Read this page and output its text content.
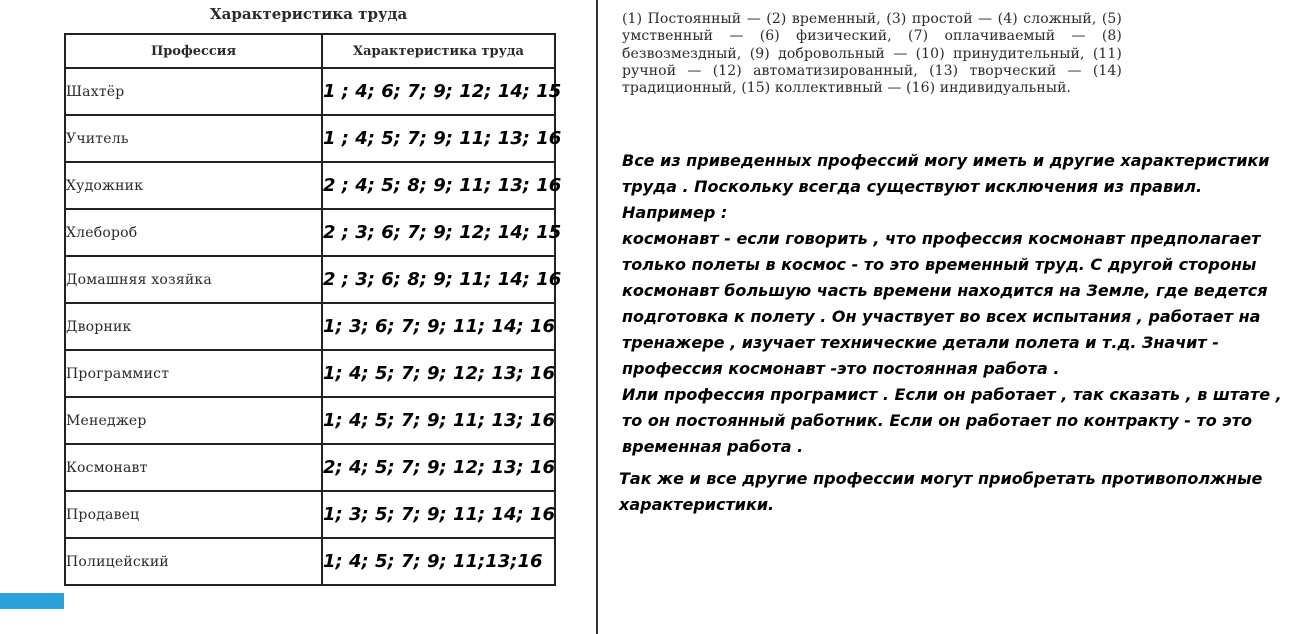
Характеристика труда
Профессия	Характеристика труда
Шахтёр	1 ; 4; 6; 7; 9; 12; 14; 15
Учитель	1 ; 4; 5; 7; 9; 11; 13; 16
Художник	2 ; 4; 5; 8; 9; 11; 13; 16
Хлебороб	2 ; 3; 6; 7; 9; 12; 14; 15
Домашняя хозяйка	2 ; 3; 6; 8; 9; 11; 14; 16
Дворник	1; 3; 6; 7; 9; 11; 14; 16
Программист	1; 4; 5; 7; 9; 12; 13; 16
Менеджер	1; 4; 5; 7; 9; 11; 13; 16
Космонавт	2; 4; 5; 7; 9; 12; 13; 16
Продавец	1; 3; 5; 7; 9; 11; 14; 16
Полицейский	1; 4; 5; 7; 9; 11;13;16
(1) Постоянный — (2) временный, (3) простой — (4) сложный, (5) умственный — (6) физический, (7) оплачиваемый — (8) безвозмездный, (9) добровольный — (10) принудительный, (11) ручной — (12) автоматизированный, (13) творческий — (14) традиционный, (15) коллективный — (16) индивидуальный.

Все из приведенных профессий могу иметь и другие характеристики труда . Поскольку всегда существуют исключения из правил.

Например :

космонавт - если говорить , что профессия космонавт предполагает только полеты в космос - то это временный труд. С другой стороны космонавт большую часть времени находится на Земле, где ведется подготовка к полету . Он участвует во всех испытания , работает на тренажере , изучает технические детали полета и т.д. Значит - профессия космонавт -это постоянная работа .

Или профессия програмист . Если он работает , так сказать , в штате , то он постоянный работник. Если он работает по контракту - то это временная работа .

Так же и все другие профессии могут приобретать противополжные характеристики.
